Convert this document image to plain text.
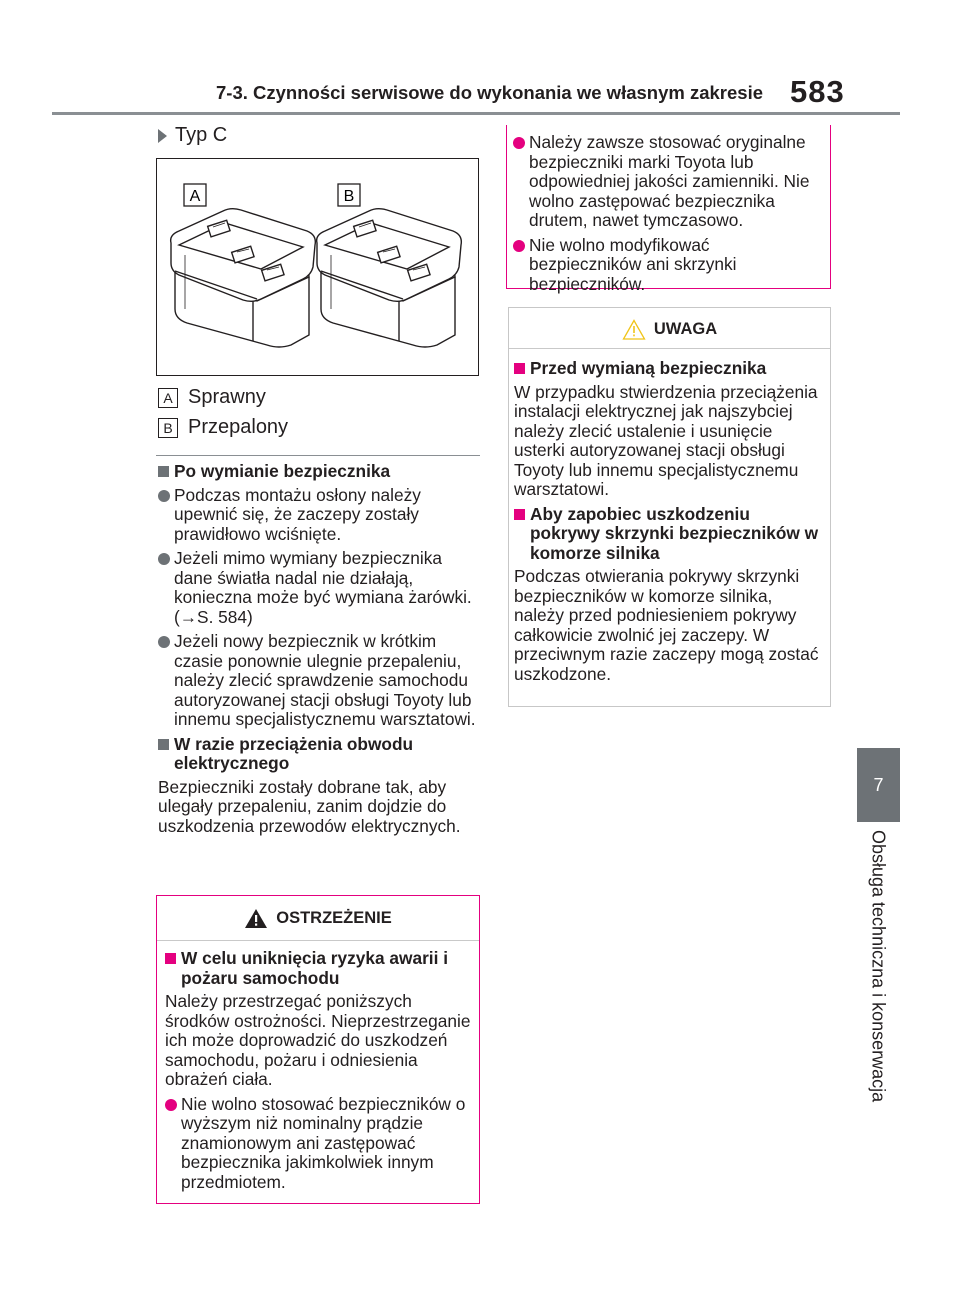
7-3. Czynności serwisowe do wykonania we własnym zakresie 583
7
Obsługa techniczna i konserwacja
Typ C
A	B
A Sprawny
B Przepalony
Po wymianie bezpiecznika
Podczas montażu osłony należy upewnić się, że zaczepy zostały prawidłowo wciśnięte.
Jeżeli mimo wymiany bezpiecznika dane światła nadal nie działają, konieczna może być wymiana żarówki. (→S. 584)
Jeżeli nowy bezpiecznik w krótkim czasie ponownie ulegnie przepaleniu, należy zlecić sprawdzenie samochodu autoryzowanej stacji obsługi Toyoty lub innemu specjalistycznemu warsztatowi.
W razie przeciążenia obwodu elektrycznego

Bezpieczniki zostały dobrane tak, aby ulegały przepaleniu, zanim dojdzie do uszkodzenia przewodów elektrycznych.

OSTRZEŻENIE
W celu uniknięcia ryzyka awarii i pożaru samochodu

Należy przestrzegać poniższych środków ostrożności. Nieprzestrzeganie ich może doprowadzić do uszkodzeń samochodu, pożaru i odniesienia obrażeń ciała.

Nie wolno stosować bezpieczników o wyższym niż nominalny prądzie znamionowym ani zastępować bezpiecznika jakimkolwiek innym przedmiotem.
Należy zawsze stosować oryginalne bezpieczniki marki Toyota lub odpowiedniej jakości zamienniki. Nie wolno zastępować bezpiecznika drutem, nawet tymczasowo.
Nie wolno modyfikować bezpieczników ani skrzynki bezpieczników.
UWAGA
Przed wymianą bezpiecznika

W przypadku stwierdzenia przeciążenia instalacji elektrycznej jak najszybciej należy zlecić ustalenie i usunięcie usterki autoryzowanej stacji obsługi Toyoty lub innemu specjalistycznemu warsztatowi.

Aby zapobiec uszkodzeniu pokrywy skrzynki bezpieczników w komorze silnika

Podczas otwierania pokrywy skrzynki bezpieczników w komorze silnika, należy przed podniesieniem pokrywy całkowicie zwolnić jej zaczepy. W przeciwnym razie zaczepy mogą zostać uszkodzone.
